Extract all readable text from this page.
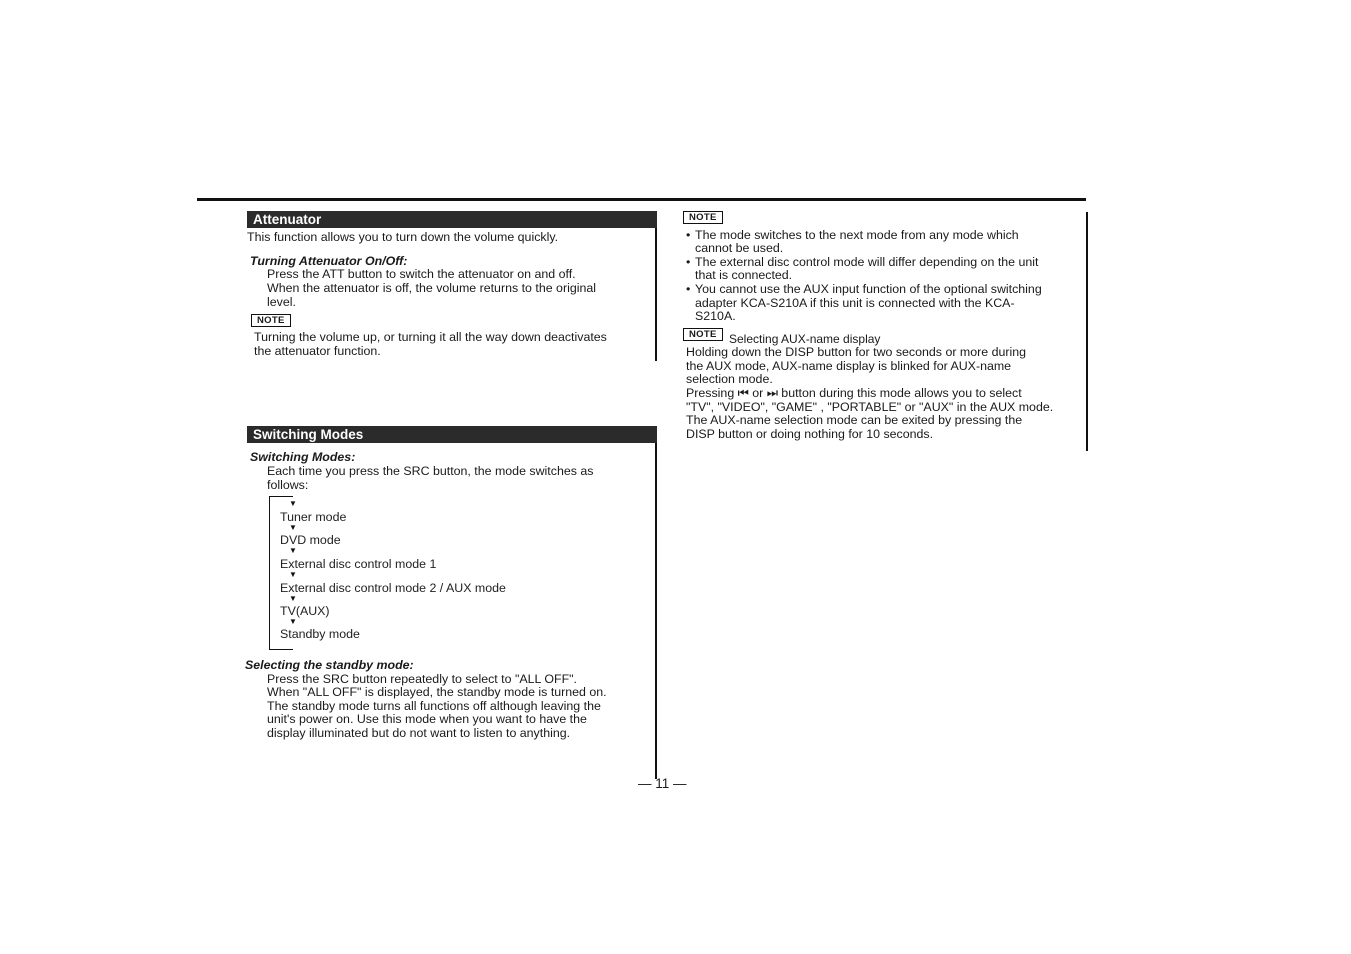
Attenuator
This function allows you to turn down the volume quickly.
Turning Attenuator On/Off:
Press the ATT button to switch the attenuator on and off.
When the attenuator is off, the volume returns to the original
level.
NOTE
Turning the volume up, or turning it all the way down deactivates
the attenuator function.
Switching Modes
Switching Modes:
Each time you press the SRC button, the mode switches as
follows:
▼
Tuner mode
▼
DVD mode
▼
External disc control mode 1
▼
External disc control mode 2 / AUX mode
▼
TV(AUX)
▼
Standby mode
Selecting the standby mode:
Press the SRC button repeatedly to select to "ALL OFF".
When "ALL OFF" is displayed, the standby mode is turned on.
The standby mode turns all functions off although leaving the
unit's power on. Use this mode when you want to have the
display illuminated but do not want to listen to anything.
NOTE
• The mode switches to the next mode from any mode which
cannot be used.
• The external disc control mode will differ depending on the unit
that is connected.
• You cannot use the AUX input function of the optional switching
adapter KCA-S210A if this unit is connected with the KCA-
S210A.
NOTE	Selecting AUX-name display
Holding down the DISP button for two seconds or more during
the AUX mode, AUX-name display is blinked for AUX-name
selection mode.
Pressing ⏮ or ⏭ button during this mode allows you to select
"TV", "VIDEO", "GAME" , "PORTABLE" or "AUX" in the AUX mode.
The AUX-name selection mode can be exited by pressing the
DISP button or doing nothing for 10 seconds.
— 11 —
